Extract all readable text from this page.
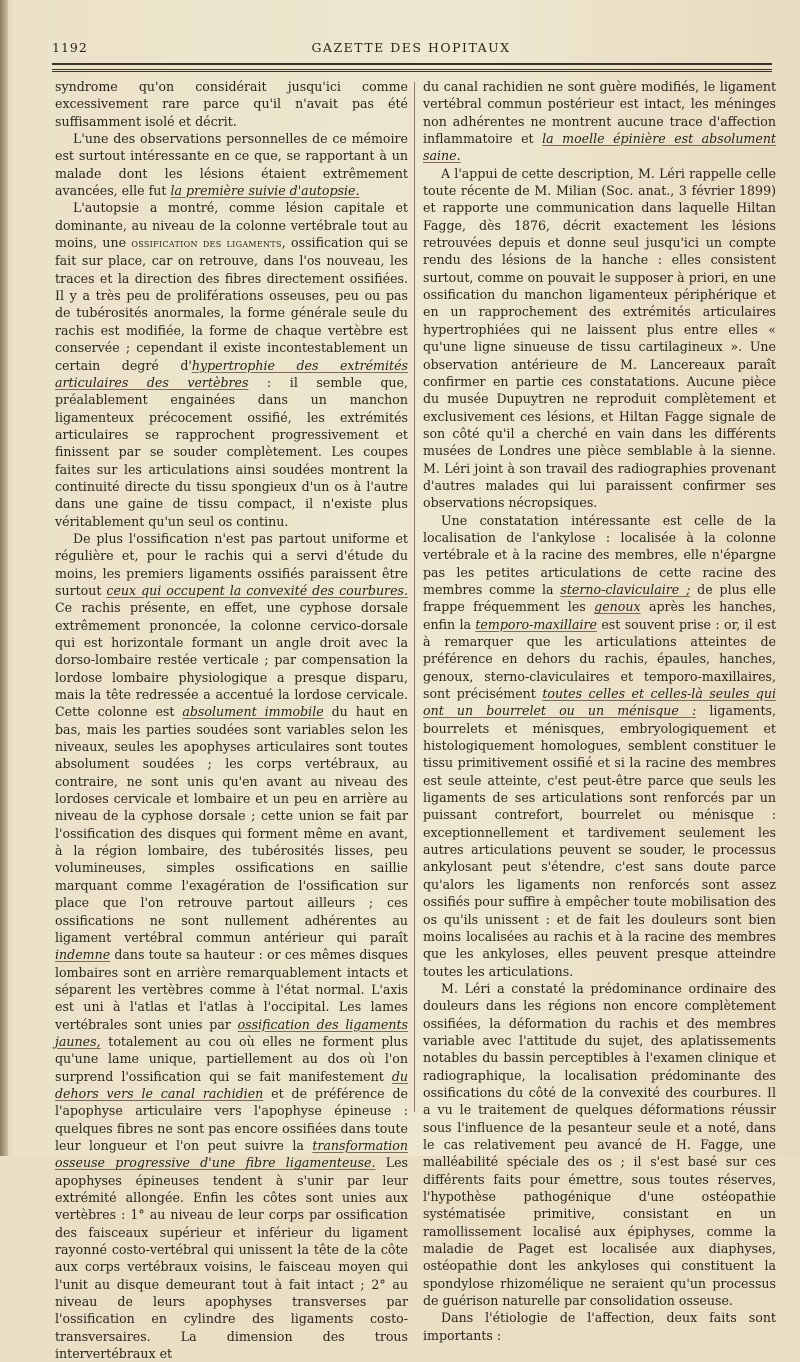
1192	GAZETTE DES HOPITAUX

syndrome qu'on considérait jusqu'ici comme excessivement rare parce qu'il n'avait pas été suffisamment isolé et décrit.

L'une des observations personnelles de ce mémoire est surtout intéressante en ce que, se rapportant à un malade dont les lésions étaient extrêmement avancées, elle fut la première suivie d'autopsie.

L'autopsie a montré, comme lésion capitale et dominante, au niveau de la colonne vertébrale tout au moins, une ossification des ligaments, ossification qui se fait sur place, car on retrouve, dans l'os nouveau, les traces et la direction des fibres directement ossifiées. Il y a très peu de proliférations osseuses, peu ou pas de tubérosités anormales, la forme générale seule du rachis est modifiée, la forme de chaque vertèbre est conservée ; cependant il existe incontestablement un certain degré d'hypertrophie des extrémités articulaires des vertèbres : il semble que, préalablement engainées dans un manchon ligamenteux précocement ossifié, les extrémités articulaires se rapprochent progressivement et finissent par se souder complètement. Les coupes faites sur les articulations ainsi soudées montrent la continuité directe du tissu spongieux d'un os à l'autre dans une gaine de tissu compact, il n'existe plus véritablement qu'un seul os continu.

De plus l'ossification n'est pas partout uniforme et régulière et, pour le rachis qui a servi d'étude du moins, les premiers ligaments ossifiés paraissent être surtout ceux qui occupent la convexité des courbures. Ce rachis présente, en effet, une cyphose dorsale extrêmement prononcée, la colonne cervico-dorsale qui est horizontale formant un angle droit avec la dorso-lombaire restée verticale ; par compensation la lordose lombaire physiologique a presque disparu, mais la tête redressée a accentué la lordose cervicale. Cette colonne est absolument immobile du haut en bas, mais les parties soudées sont variables selon les niveaux, seules les apophyses articulaires sont toutes absolument soudées ; les corps vertébraux, au contraire, ne sont unis qu'en avant au niveau des lordoses cervicale et lombaire et un peu en arrière au niveau de la cyphose dorsale ; cette union se fait par l'ossification des disques qui forment même en avant, à la région lombaire, des tubérosités lisses, peu volumineuses, simples ossifications en saillie marquant comme l'exagération de l'ossification sur place que l'on retrouve partout ailleurs ; ces ossifications ne sont nullement adhérentes au ligament vertébral commun antérieur qui paraît indemne dans toute sa hauteur : or ces mêmes disques lombaires sont en arrière remarquablement intacts et séparent les vertèbres comme à l'état normal. L'axis est uni à l'atlas et l'atlas à l'occipital. Les lames vertébrales sont unies par ossification des ligaments jaunes, totalement au cou où elles ne forment plus qu'une lame unique, partiellement au dos où l'on surprend l'ossification qui se fait manifestement du dehors vers le canal rachidien et de préférence de l'apophyse articulaire vers l'apophyse épineuse : quelques fibres ne sont pas encore ossifiées dans toute leur longueur et l'on peut suivre la transformation osseuse progressive d'une fibre ligamenteuse. Les apophyses épineuses tendent à s'unir par leur extrémité allongée. Enfin les côtes sont unies aux vertèbres : 1° au niveau de leur corps par ossification des faisceaux supérieur et inférieur du ligament rayonné costo-vertébral qui unissent la tête de la côte aux corps vertébraux voisins, le faisceau moyen qui l'unit au disque demeurant tout à fait intact ; 2° au niveau de leurs apophyses transverses par l'ossification en cylindre des ligaments costo-transversaires. La dimension des trous intervertébraux et

du canal rachidien ne sont guère modifiés, le ligament vertébral commun postérieur est intact, les méninges non adhérentes ne montrent aucune trace d'affection inflammatoire et la moelle épinière est absolument saine.

A l'appui de cette description, M. Léri rappelle celle toute récente de M. Milian (Soc. anat., 3 février 1899) et rapporte une communication dans laquelle Hiltan Fagge, dès 1876, décrit exactement les lésions retrouvées depuis et donne seul jusqu'ici un compte rendu des lésions de la hanche : elles consistent surtout, comme on pouvait le supposer à priori, en une ossification du manchon ligamenteux périphérique et en un rapprochement des extrémités articulaires hypertrophiées qui ne laissent plus entre elles « qu'une ligne sinueuse de tissu cartilagineux ». Une observation antérieure de M. Lancereaux paraît confirmer en partie ces constatations. Aucune pièce du musée Dupuytren ne reproduit complètement et exclusivement ces lésions, et Hiltan Fagge signale de son côté qu'il a cherché en vain dans les différents musées de Londres une pièce semblable à la sienne. M. Léri joint à son travail des radiographies provenant d'autres malades qui lui paraissent confirmer ses observations nécropsiques.

Une constatation intéressante est celle de la localisation de l'ankylose : localisée à la colonne vertébrale et à la racine des membres, elle n'épargne pas les petites articulations de cette racine des membres comme la sterno-claviculaire ; de plus elle frappe fréquemment les genoux après les hanches, enfin la temporo-maxillaire est souvent prise : or, il est à remarquer que les articulations atteintes de préférence en dehors du rachis, épaules, hanches, genoux, sterno-claviculaires et temporo-maxillaires, sont précisément toutes celles et celles-là seules qui ont un bourrelet ou un ménisque : ligaments, bourrelets et ménisques, embryologiquement et histologiquement homologues, semblent constituer le tissu primitivement ossifié et si la racine des membres est seule atteinte, c'est peut-être parce que seuls les ligaments de ses articulations sont renforcés par un puissant contrefort, bourrelet ou ménisque : exceptionnellement et tardivement seulement les autres articulations peuvent se souder, le processus ankylosant peut s'étendre, c'est sans doute parce qu'alors les ligaments non renforcés sont assez ossifiés pour suffire à empêcher toute mobilisation des os qu'ils unissent : et de fait les douleurs sont bien moins localisées au rachis et à la racine des membres que les ankyloses, elles peuvent presque atteindre toutes les articulations.

M. Léri a constaté la prédominance ordinaire des douleurs dans les régions non encore complètement ossifiées, la déformation du rachis et des membres variable avec l'attitude du sujet, des aplatissements notables du bassin perceptibles à l'examen clinique et radiographique, la localisation prédominante des ossifications du côté de la convexité des courbures. Il a vu le traitement de quelques déformations réussir sous l'influence de la pesanteur seule et a noté, dans le cas relativement peu avancé de H. Fagge, une malléabilité spéciale des os ; il s'est basé sur ces différents faits pour émettre, sous toutes réserves, l'hypothèse pathogénique d'une ostéopathie systématisée primitive, consistant en un ramollissement localisé aux épiphyses, comme la maladie de Paget est localisée aux diaphyses, ostéopathie dont les ankyloses qui constituent la spondylose rhizomélique ne seraient qu'un processus de guérison naturelle par consolidation osseuse.

Dans l'étiologie de l'affection, deux faits sont importants :
